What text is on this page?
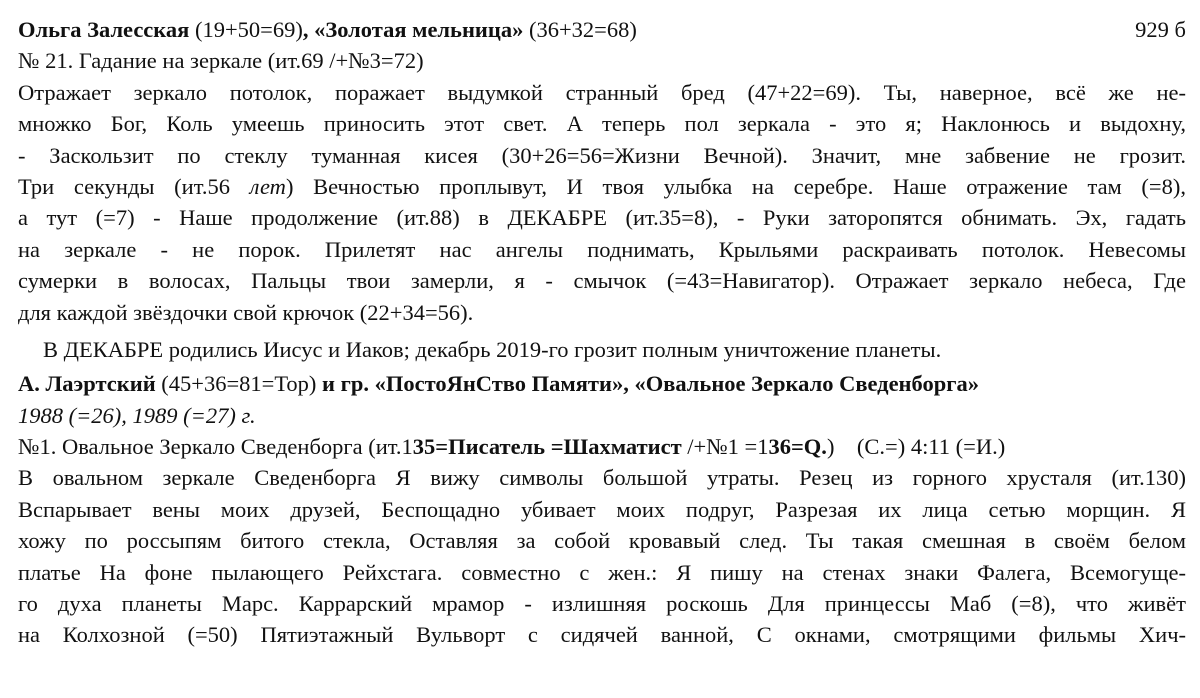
Ольга Залесская (19+50=69), «Золотая мельница» (36+32=68)	929 б
№ 21. Гадание на зеркале (ит.69 /+№3=72)
Отражает зеркало потолок, поражает выдумкой странный бред (47+22=69). Ты, наверное, всё же не-
множко Бог, Коль умеешь приносить этот свет. А теперь пол зеркала - это я; Наклонюсь и выдохну,
- Заскользит по стеклу туманная кисея (30+26=56=Жизни Вечной). Значит, мне забвение не грозит.
Три секунды (ит.56 лет) Вечностью проплывут, И твоя улыбка на серебре. Наше отражение там (=8),
а тут (=7) - Наше продолжение (ит.88) в ДЕКАБРЕ (ит.35=8), - Руки заторопятся обнимать. Эх, гадать
на зеркале - не порок. Прилетят нас ангелы поднимать, Крыльями раскраивать потолок. Невесомы
сумерки в волосах, Пальцы твои замерли, я - смычок (=43=Навигатор). Отражает зеркало небеса, Где
для каждой звёздочки свой крючок (22+34=56).
В ДЕКАБРЕ родились Иисус и Иаков; декабрь 2019-го грозит полным уничтожение планеты.
А. Лаэртский (45+36=81=Тор) и гр. «ПостоЯнСтво Памяти», «Овальное Зеркало Сведенборга»
1988 (=26), 1989 (=27) г.
№1. Овальное Зеркало Сведенборга (ит.135=Писатель =Шахматист /+№1 =136=Q.)    (С.=) 4:11 (=И.)
В овальном зеркале Сведенборга Я вижу символы большой утраты. Резец из горного хрусталя (ит.130)
Вспарывает вены моих друзей, Беспощадно убивает моих подруг, Разрезая их лица сетью морщин. Я
хожу по россыпям битого стекла, Оставляя за собой кровавый след. Ты такая смешная в своём белом
платье На фоне пылающего Рейхстага. совместно с жен.: Я пишу на стенах знаки Фалега, Всемогуще-
го духа планеты Марс. Каррарский мрамор - излишняя роскошь Для принцессы Маб (=8), что живёт
на Колхозной (=50) Пятиэтажный Вульворт с сидячей ванной, С окнами, смотрящими фильмы Хич-
